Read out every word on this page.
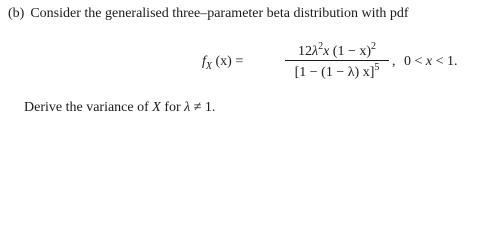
(b) Consider the generalised three–parameter beta distribution with pdf
$f_X$ (x) =
$12\lambda^2x$ $(1 - x)^2$
[1 − (1 − λ) x]$^5$ , 0 < x < 1.
Derive the variance of X for λ ≠ 1.
